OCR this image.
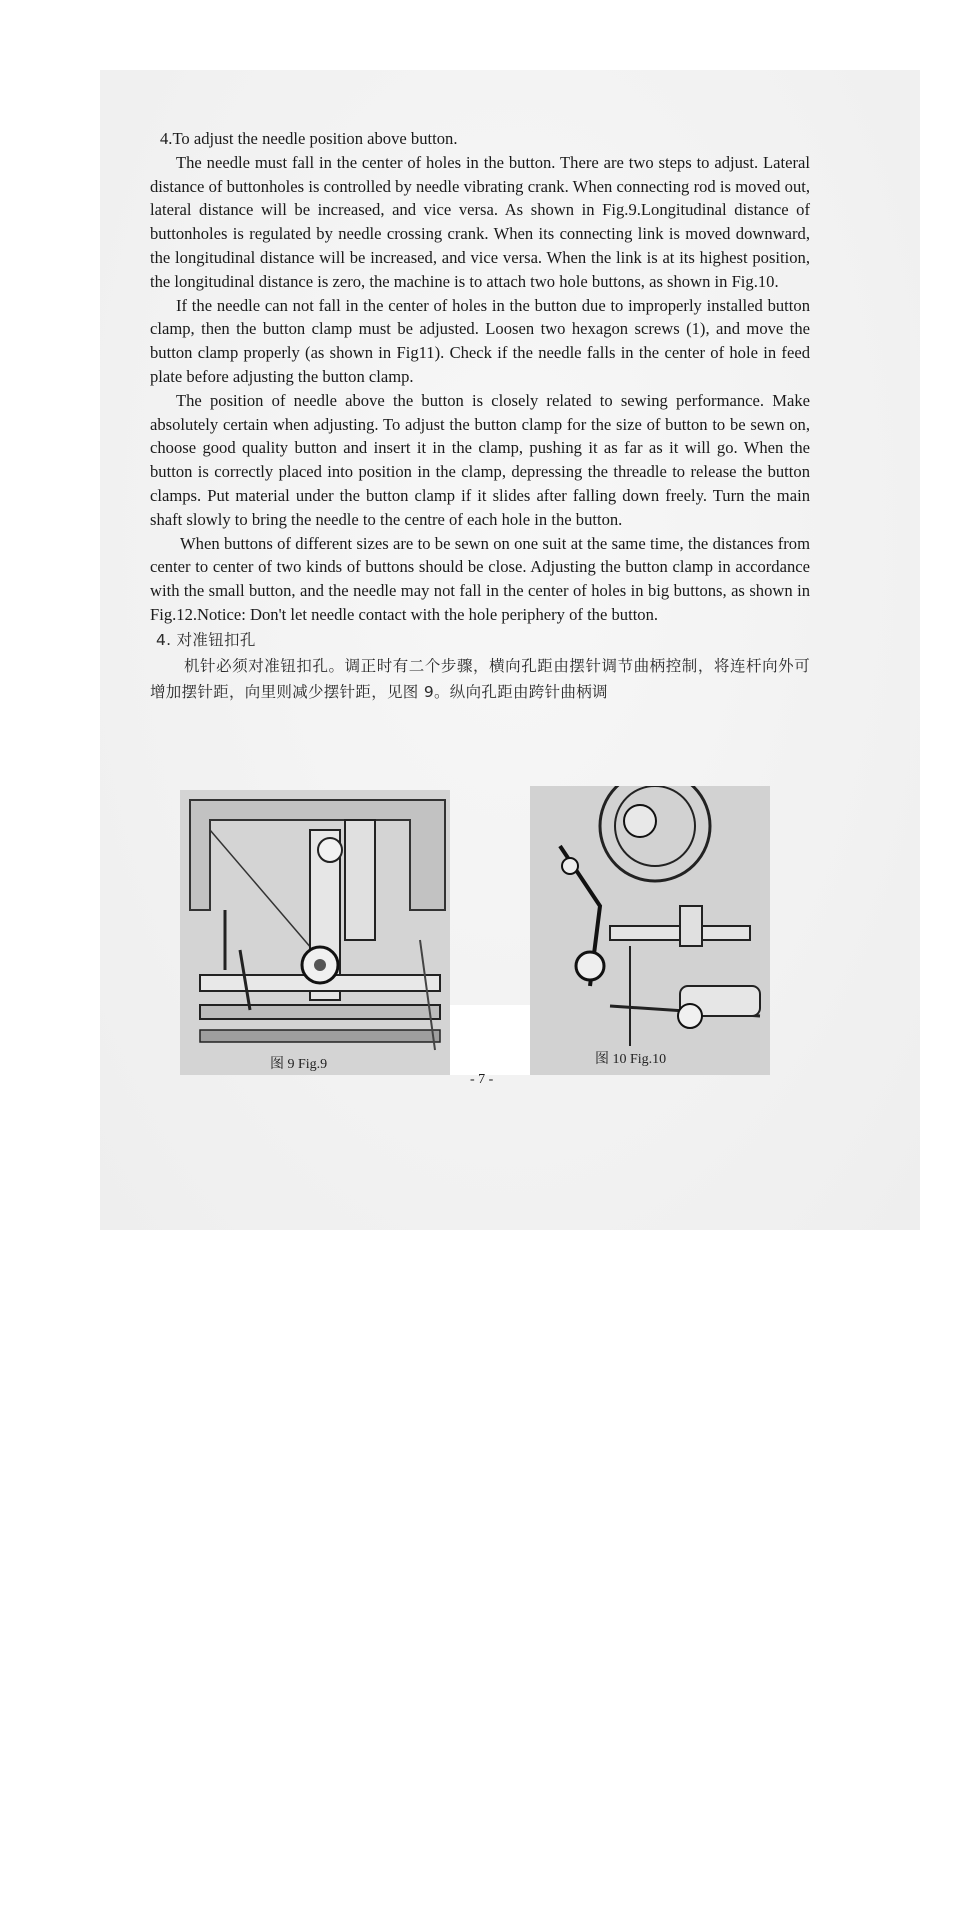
4.To adjust the needle position above button.

The needle must fall in the center of holes in the button. There are two steps to adjust. Lateral distance of buttonholes is controlled by needle vibrating crank. When connecting rod is moved out, lateral distance will be increased, and vice versa. As shown in Fig.9.Longitudinal distance of buttonholes is regulated by needle crossing crank. When its connecting link is moved downward, the longitudinal distance will be increased, and vice versa. When the link is at its highest position, the longitudinal distance is zero, the machine is to attach two hole buttons, as shown in Fig.10.

If the needle can not fall in the center of holes in the button due to improperly installed button clamp, then the button clamp must be adjusted. Loosen two hexagon screws (1), and move the button clamp properly (as shown in Fig11). Check if the needle falls in the center of hole in feed plate before adjusting the button clamp.

The position of needle above the button is closely related to sewing performance. Make absolutely certain when adjusting. To adjust the button clamp for the size of button to be sewn on, choose good quality button and insert it in the clamp, pushing it as far as it will go. When the button is correctly placed into position in the clamp, depressing the threadle to release the button clamps. Put material under the button clamp if it slides after falling down freely. Turn the main shaft slowly to bring the needle to the centre of each hole in the button.

When buttons of different sizes are to be sewn on one suit at the same time, the distances from center to center of two kinds of buttons should be close. Adjusting the button clamp in accordance with the small button, and the needle may not fall in the center of holes in big buttons, as shown in Fig.12.Notice: Don't let needle contact with the hole periphery of the button.

4. 对准钮扣孔

机针必须对准钮扣孔。调正时有二个步骤，横向孔距由摆针调节曲柄控制，将连杆向外可增加摆针距，向里则减少摆针距，见图 9。纵向孔距由跨针曲柄调

图 9 Fig.9	图 10 Fig.10
- 7 -
